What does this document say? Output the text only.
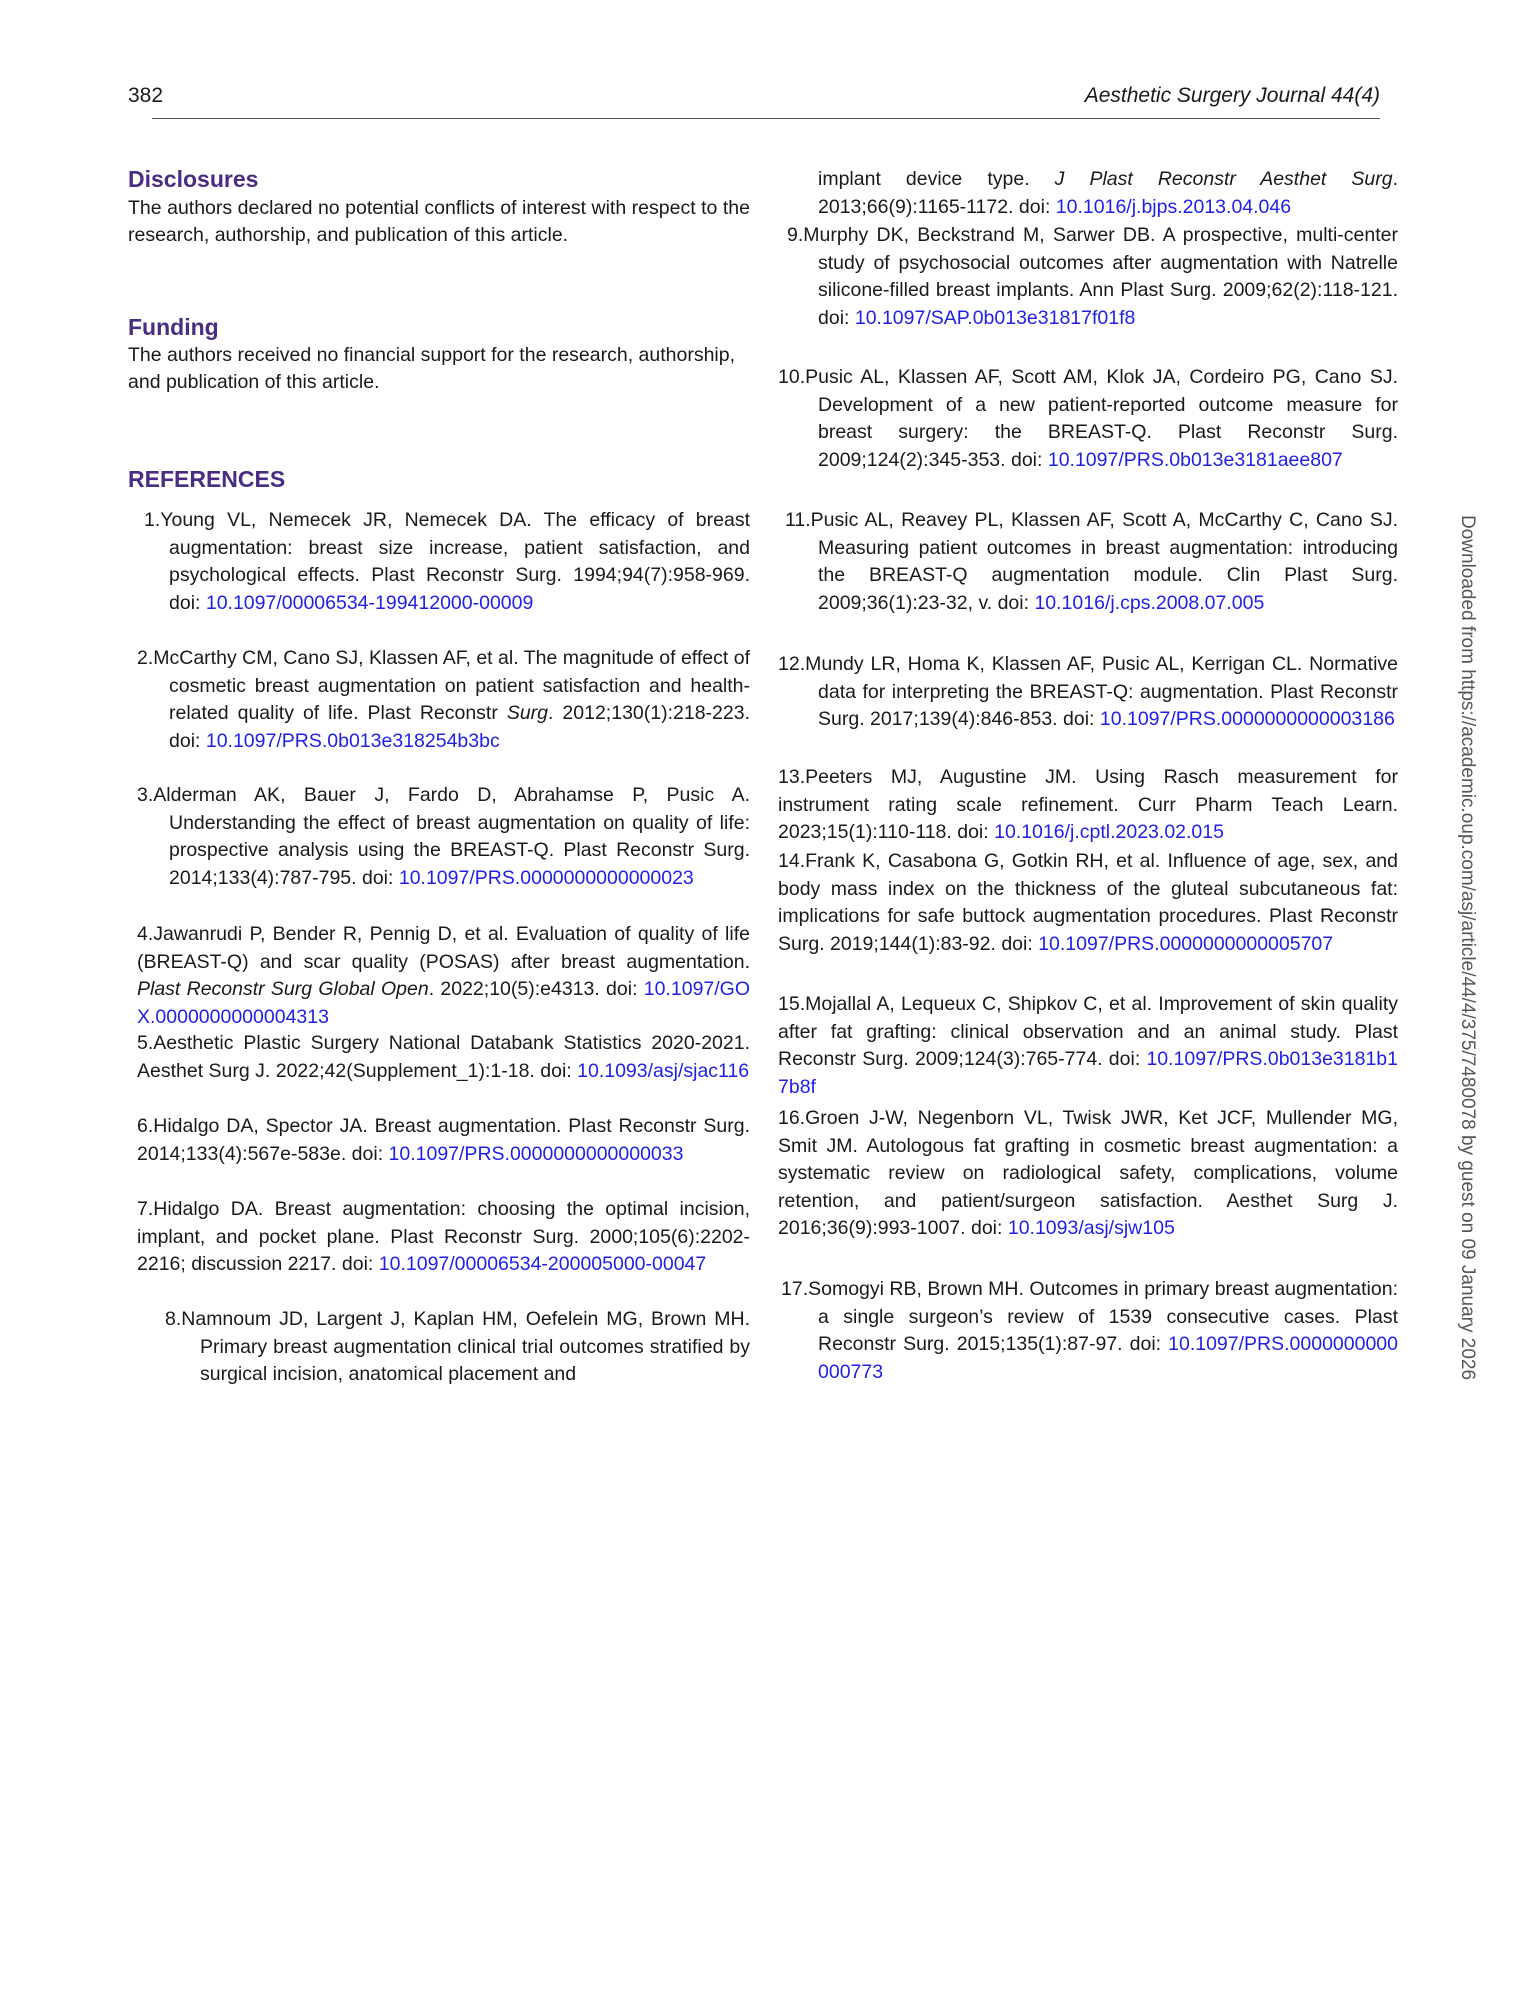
382	Aesthetic Surgery Journal 44(4)
Disclosures
The authors declared no potential conflicts of interest with respect to the research, authorship, and publication of this article.
Funding
The authors received no financial support for the research, authorship, and publication of this article.
REFERENCES
1.Young VL, Nemecek JR, Nemecek DA. The efficacy of breast augmentation: breast size increase, patient satisfaction, and psychological effects. Plast Reconstr Surg. 1994;94(7):958-969. doi: 10.1097/00006534-199412000-00009
2.McCarthy CM, Cano SJ, Klassen AF, et al. The magnitude of effect of cosmetic breast augmentation on patient satisfaction and health-related quality of life. Plast Reconstr Surg. 2012;130(1):218-223. doi: 10.1097/PRS.0b013e318254b3bc
3.Alderman AK, Bauer J, Fardo D, Abrahamse P, Pusic A. Understanding the effect of breast augmentation on quality of life: prospective analysis using the BREAST-Q. Plast Reconstr Surg. 2014;133(4):787-795. doi: 10.1097/PRS.0000000000000023
4.Jawanrudi P, Bender R, Pennig D, et al. Evaluation of quality of life (BREAST-Q) and scar quality (POSAS) after breast augmentation. Plast Reconstr Surg Global Open. 2022;10(5):e4313. doi: 10.1097/GOX.0000000000004313
5.Aesthetic Plastic Surgery National Databank Statistics 2020-2021. Aesthet Surg J. 2022;42(Supplement_1):1-18. doi: 10.1093/asj/sjac116
6.Hidalgo DA, Spector JA. Breast augmentation. Plast Reconstr Surg. 2014;133(4):567e-583e. doi: 10.1097/PRS.0000000000000033
7.Hidalgo DA. Breast augmentation: choosing the optimal incision, implant, and pocket plane. Plast Reconstr Surg. 2000;105(6):2202-2216; discussion 2217. doi: 10.1097/00006534-200005000-00047
8.Namnoum JD, Largent J, Kaplan HM, Oefelein MG, Brown MH. Primary breast augmentation clinical trial outcomes stratified by surgical incision, anatomical placement and
implant device type. J Plast Reconstr Aesthet Surg. 2013;66(9):1165-1172. doi: 10.1016/j.bjps.2013.04.046
9.Murphy DK, Beckstrand M, Sarwer DB. A prospective, multi-center study of psychosocial outcomes after augmentation with Natrelle silicone-filled breast implants. Ann Plast Surg. 2009;62(2):118-121. doi: 10.1097/SAP.0b013e31817f01f8
10.Pusic AL, Klassen AF, Scott AM, Klok JA, Cordeiro PG, Cano SJ. Development of a new patient-reported outcome measure for breast surgery: the BREAST-Q. Plast Reconstr Surg. 2009;124(2):345-353. doi: 10.1097/PRS.0b013e3181aee807
11.Pusic AL, Reavey PL, Klassen AF, Scott A, McCarthy C, Cano SJ. Measuring patient outcomes in breast augmentation: introducing the BREAST-Q augmentation module. Clin Plast Surg. 2009;36(1):23-32, v. doi: 10.1016/j.cps.2008.07.005
12.Mundy LR, Homa K, Klassen AF, Pusic AL, Kerrigan CL. Normative data for interpreting the BREAST-Q: augmentation. Plast Reconstr Surg. 2017;139(4):846-853. doi: 10.1097/PRS.0000000000003186
13.Peeters MJ, Augustine JM. Using Rasch measurement for instrument rating scale refinement. Curr Pharm Teach Learn. 2023;15(1):110-118. doi: 10.1016/j.cptl.2023.02.015
14.Frank K, Casabona G, Gotkin RH, et al. Influence of age, sex, and body mass index on the thickness of the gluteal subcutaneous fat: implications for safe buttock augmentation procedures. Plast Reconstr Surg. 2019;144(1):83-92. doi: 10.1097/PRS.0000000000005707
15.Mojallal A, Lequeux C, Shipkov C, et al. Improvement of skin quality after fat grafting: clinical observation and an animal study. Plast Reconstr Surg. 2009;124(3):765-774. doi: 10.1097/PRS.0b013e3181b17b8f
16.Groen J-W, Negenborn VL, Twisk JWR, Ket JCF, Mullender MG, Smit JM. Autologous fat grafting in cosmetic breast augmentation: a systematic review on radiological safety, complications, volume retention, and patient/surgeon satisfaction. Aesthet Surg J. 2016;36(9):993-1007. doi: 10.1093/asj/sjw105
17.Somogyi RB, Brown MH. Outcomes in primary breast augmentation: a single surgeon’s review of 1539 consecutive cases. Plast Reconstr Surg. 2015;135(1):87-97. doi: 10.1097/PRS.0000000000000773	Downloaded from https://academic.oup.com/asj/article/44/4/375/7480078 by guest on 09 January 2026
